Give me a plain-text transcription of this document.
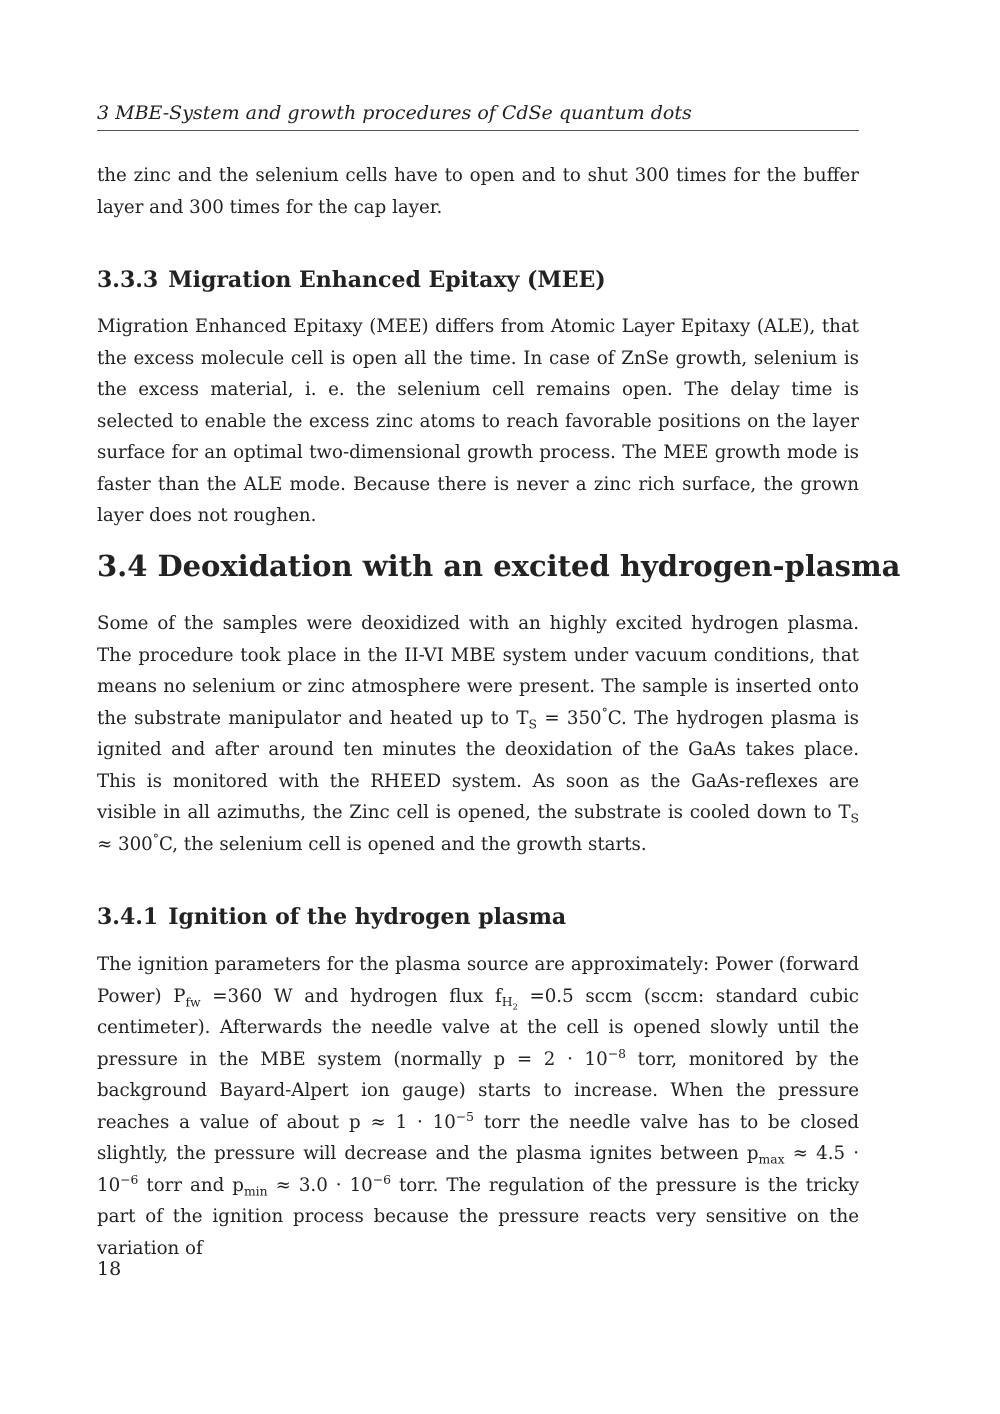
3 MBE-System and growth procedures of CdSe quantum dots

the zinc and the selenium cells have to open and to shut 300 times for the buffer layer and 300 times for the cap layer.

3.3.3 Migration Enhanced Epitaxy (MEE)

Migration Enhanced Epitaxy (MEE) differs from Atomic Layer Epitaxy (ALE), that the excess molecule cell is open all the time. In case of ZnSe growth, selenium is the excess material, i. e. the selenium cell remains open. The delay time is selected to enable the excess zinc atoms to reach favorable positions on the layer surface for an optimal two-dimensional growth process. The MEE growth mode is faster than the ALE mode. Because there is never a zinc rich surface, the grown layer does not roughen.

3.4 Deoxidation with an excited hydrogen-plasma

Some of the samples were deoxidized with an highly excited hydrogen plasma. The procedure took place in the II-VI MBE system under vacuum conditions, that means no selenium or zinc atmosphere were present. The sample is inserted onto the substrate manipulator and heated up to $T_S = 350^\circ C$. The hydrogen plasma is ignited and after around ten minutes the deoxidation of the GaAs takes place. This is monitored with the RHEED system. As soon as the GaAs-reflexes are visible in all azimuths, the Zinc cell is opened, the substrate is cooled down to $T_S \approx 300^\circ C$, the selenium cell is opened and the growth starts.

3.4.1 Ignition of the hydrogen plasma

The ignition parameters for the plasma source are approximately: Power (forward Power) $P_{fw} =360$ W and hydrogen flux $f_{H_2} =0.5$ sccm (sccm: standard cubic centimeter). Afterwards the needle valve at the cell is opened slowly until the pressure in the MBE system (normally $p = 2 \cdot 10^{-8}$ torr, monitored by the background Bayard-Alpert ion gauge) starts to increase. When the pressure reaches a value of about $p \approx 1 \cdot 10^{-5}$ torr the needle valve has to be closed slightly, the pressure will decrease and the plasma ignites between $p_{max} \approx 4.5 \cdot 10^{-6}$ torr and $p_{min} \approx 3.0 \cdot 10^{-6}$ torr. The regulation of the pressure is the tricky part of the ignition process because the pressure reacts very sensitive on the variation of

18
